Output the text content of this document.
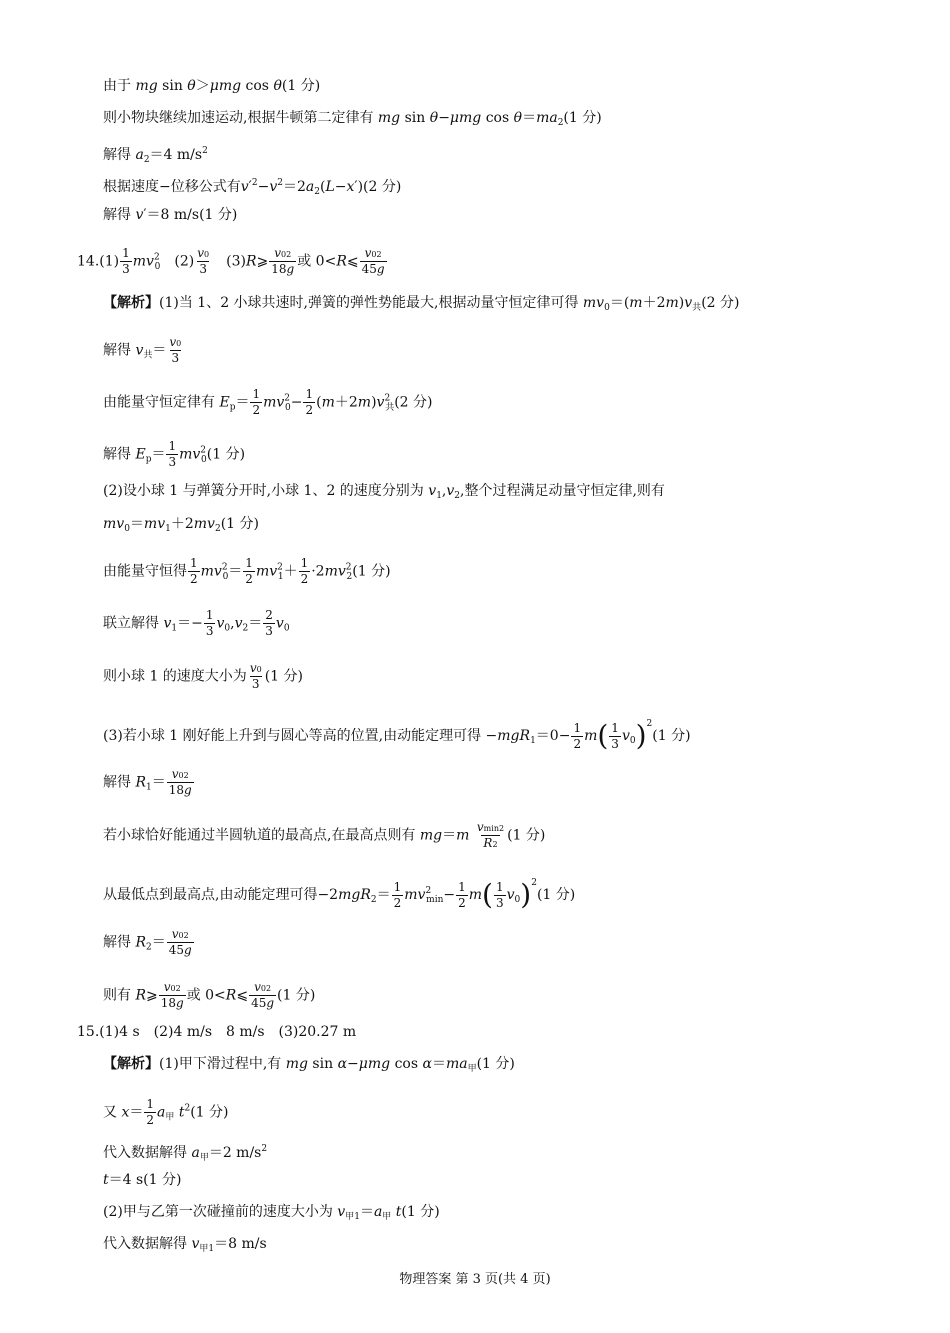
由于 mg sin θ＞μmg cos θ(1 分)
则小物块继续加速运动,根据牛顿第二定律有 mg sin θ−μmg $\cos \theta=ma_2(1$ 分)
解得 $a_2=4$ $m/s^2$
根据速度−位移公式有$v'^2-v^2=2a_2(L-x')(2$ 分)
解得 v′＝8 m/s(1 分)
$14.(1) \frac{1}{3} mv^2_0$　$(2) \frac{v0}{3}$ 　(3)R⩾ $\frac{v02}{18g}$ 或 0<R⩽ $\frac{v02}{45g}$
【解析】(1)当 1、2 小球共速时,弹簧的弹性势能最大,根据动量守恒定律可得 $mv_0=(m+2m)v_共(2$ 分)
解得 $v_共= \frac{v0}{3}$
由能量守恒定律有 $E_p= \frac{1}{2} mv^2_0- \frac{1}{2} (m+2m)v^2_共(2$ 分)
解得 $E_p= \frac{1}{3} mv^2_0(1$ 分)
(2)设小球 1 与弹簧分开时,小球 1、2 的速度分别为 $v_1,v_2$,整个过程满足动量守恒定律,则有
$mv_0=mv_1+2mv_2(1$ 分)
由能量守恒得 $\frac{1}{2} mv^2_0= \frac{1}{2} mv^2_1+ \frac{1}{2} \cdot 2mv^2_2(1$ 分)
联立解得 $v_1=- \frac{1}{3} v_0,v_2= \frac{2}{3} v_0$
则小球 1 的速度大小为 $\frac{v0}{3} (1$ 分)
(3)若小球 1 刚好能上升到与圆心等高的位置,由动能定理可得 $-mgR_1=0- \frac{1}{2} m( \frac{1}{3} v_0)^2(1$ 分)
解得 $R_1= \frac{v02}{18g}$
若小球恰好能通过半圆轨道的最高点,在最高点则有 $mg=m \frac{vmin2}{R2} (1$ 分)
从最低点到最高点,由动能定理可得$-2mgR_2= \frac{1}{2} mv^2_{min}- \frac{1}{2} m( \frac{1}{3} v_0)^2(1$ 分)
解得 $R_2= \frac{v02}{45g}$
则有 R⩾ $\frac{v02}{18g}$ 或 0<R⩽ $\frac{v02}{45g} (1$ 分)
15.(1)4 s　(2)4 m/s　8 m/s　(3)20.27 m
【解析】(1)甲下滑过程中,有 mg sin α−μmg $\cos \alpha=ma_甲(1$ 分)
又 $x= \frac{1}{2} a_甲$ $t^2(1$ 分)
代入数据解得 $a_甲=2$ $m/s^2$
t＝4 s(1 分)
(2)甲与乙第一次碰撞前的速度大小为 $v_{甲1}=a_甲$ t(1 分)
代入数据解得 $v_{甲1}=8$ m/s
物理答案 第 3 页(共 4 页)
